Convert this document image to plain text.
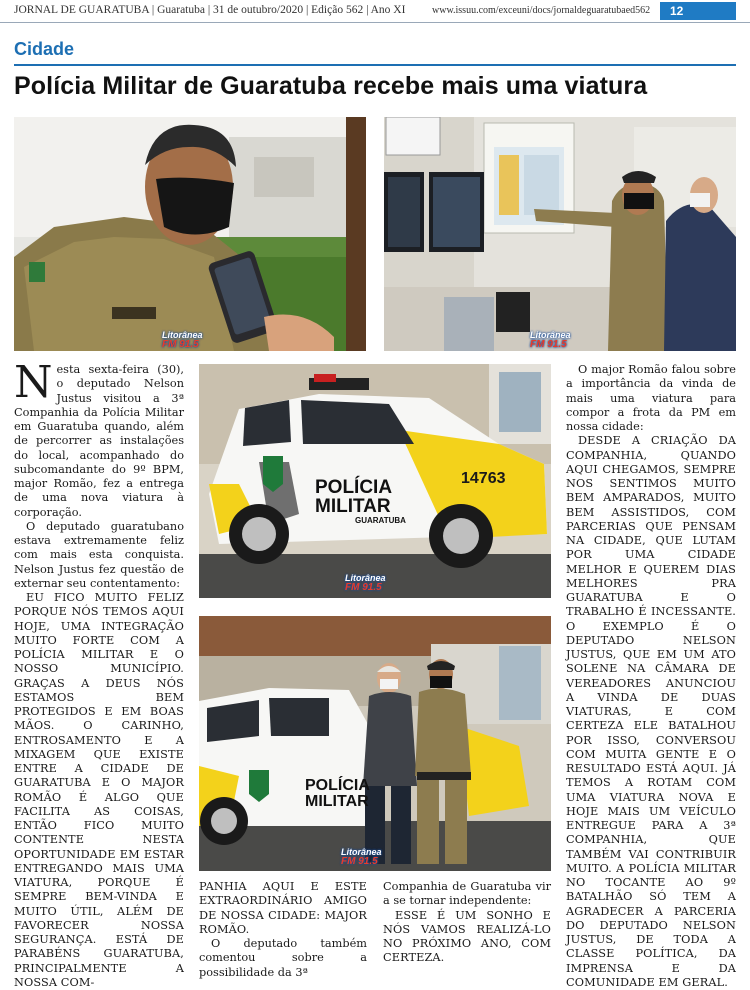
JORNAL DE GUARATUBA | Guaratuba | 31 de outubro/2020 | Edição 562 | Ano XI	www.issuu.com/exceuni/docs/jornaldeguaratubaed562	12
Cidade
Polícia Militar de Guaratuba recebe mais uma viatura
Litorânea
FM 91.5
Litorânea
FM 91.5
POLÍCIA
MILITAR
GUARATUBA
14763
Litorânea
FM 91.5
POLÍCIA
MILITAR
Litorânea
FM 91.5
N esta sexta-feira (30), o deputado Nelson Justus visitou a 3ª Companhia da Polícia Militar em Guaratuba quando, além de percorrer as instalações do local, acompanhado do subcomandante do 9º BPM, major Romão, fez a entrega de uma nova viatura à corporação.

O deputado guaratubano estava extremamente feliz com mais esta conquista. Nelson Justus fez questão de externar seu contentamento:

EU FICO MUITO FELIZ PORQUE NÓS TEMOS AQUI HOJE, UMA INTEGRAÇÃO MUITO FORTE COM A POLÍCIA MILITAR E O NOSSO MUNICÍPIO. GRAÇAS A DEUS NÓS ESTAMOS BEM PROTEGIDOS E EM BOAS MÃOS. O CARINHO, ENTROSAMENTO E A MIXAGEM QUE EXISTE ENTRE A CIDADE DE GUARATUBA E O MAJOR ROMÃO É ALGO QUE FACILITA AS COISAS, ENTÃO FICO MUITO CONTENTE NESTA OPORTUNIDADE EM ESTAR ENTREGANDO MAIS UMA VIATURA, PORQUE É SEMPRE BEM-VINDA E MUITO ÚTIL, ALÉM DE FAVORECER NOSSA SEGURANÇA. ESTÁ DE PARABÉNS GUARATUBA, PRINCIPALMENTE A NOSSA COM-

PANHIA AQUI E ESTE EXTRAORDINÁRIO AMIGO DE NOSSA CIDADE: MAJOR ROMÃO.

O deputado também comentou sobre a possibilidade da 3ª

Companhia de Guaratuba vir a se tornar independente:

ESSE É UM SONHO E NÓS VAMOS REALIZÁ-LO NO PRÓXIMO ANO, COM CERTEZA.

O major Romão falou sobre a importância da vinda de mais uma viatura para compor a frota da PM em nossa cidade:

DESDE A CRIAÇÃO DA COMPANHIA, QUANDO AQUI CHEGAMOS, SEMPRE NOS SENTIMOS MUITO BEM AMPARADOS, MUITO BEM ASSISTIDOS, COM PARCERIAS QUE PENSAM NA CIDADE, QUE LUTAM POR UMA CIDADE MELHOR E QUEREM DIAS MELHORES PRA GUARATUBA E O TRABALHO É INCESSANTE. O EXEMPLO É O DEPUTADO NELSON JUSTUS, QUE EM UM ATO SOLENE NA CÂMARA DE VEREADORES ANUNCIOU A VINDA DE DUAS VIATURAS, E COM CERTEZA ELE BATALHOU POR ISSO, CONVERSOU COM MUITA GENTE E O RESULTADO ESTÁ AQUI. JÁ TEMOS A ROTAM COM UMA VIATURA NOVA E HOJE MAIS UM VEÍCULO ENTREGUE PARA A 3ª COMPANHIA, QUE TAMBÉM VAI CONTRIBUIR MUITO. A POLÍCIA MILITAR NO TOCANTE AO 9º BATALHÃO SÓ TEM A AGRADECER A PARCERIA DO DEPUTADO NELSON JUSTUS, DE TODA A CLASSE POLÍTICA, DA IMPRENSA E DA COMUNIDADE EM GERAL.
